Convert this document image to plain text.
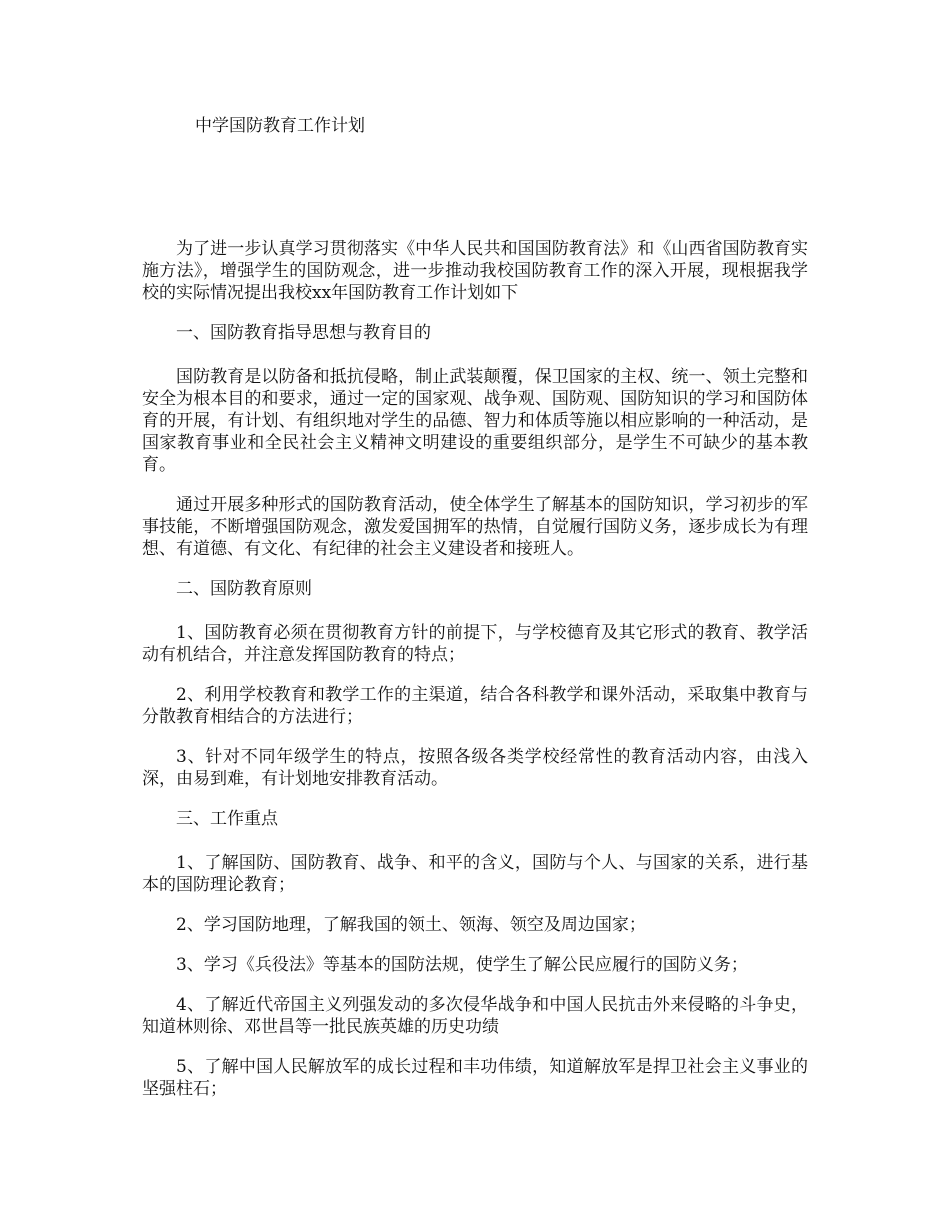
中学国防教育工作计划

为了进一步认真学习贯彻落实《中华人民共和国国防教育法》和《山西省国防教育实施方法》，增强学生的国防观念，进一步推动我校国防教育工作的深入开展，现根据我学校的实际情况提出我校xx年国防教育工作计划如下

一、国防教育指导思想与教育目的

国防教育是以防备和抵抗侵略，制止武装颠覆，保卫国家的主权、统一、领土完整和安全为根本目的和要求，通过一定的国家观、战争观、国防观、国防知识的学习和国防体育的开展，有计划、有组织地对学生的品德、智力和体质等施以相应影响的一种活动，是国家教育事业和全民社会主义精神文明建设的重要组织部分，是学生不可缺少的基本教育。

通过开展多种形式的国防教育活动，使全体学生了解基本的国防知识，学习初步的军事技能，不断增强国防观念，激发爱国拥军的热情，自觉履行国防义务，逐步成长为有理想、有道德、有文化、有纪律的社会主义建设者和接班人。

二、国防教育原则

1、国防教育必须在贯彻教育方针的前提下，与学校德育及其它形式的教育、教学活动有机结合，并注意发挥国防教育的特点；

2、利用学校教育和教学工作的主渠道，结合各科教学和课外活动，采取集中教育与分散教育相结合的方法进行；

3、针对不同年级学生的特点，按照各级各类学校经常性的教育活动内容，由浅入深，由易到难，有计划地安排教育活动。

三、工作重点

1、了解国防、国防教育、战争、和平的含义，国防与个人、与国家的关系，进行基本的国防理论教育；

2、学习国防地理，了解我国的领土、领海、领空及周边国家；

3、学习《兵役法》等基本的国防法规，使学生了解公民应履行的国防义务；

4、了解近代帝国主义列强发动的多次侵华战争和中国人民抗击外来侵略的斗争史，知道林则徐、邓世昌等一批民族英雄的历史功绩

5、了解中国人民解放军的成长过程和丰功伟绩，知道解放军是捍卫社会主义事业的坚强柱石；
